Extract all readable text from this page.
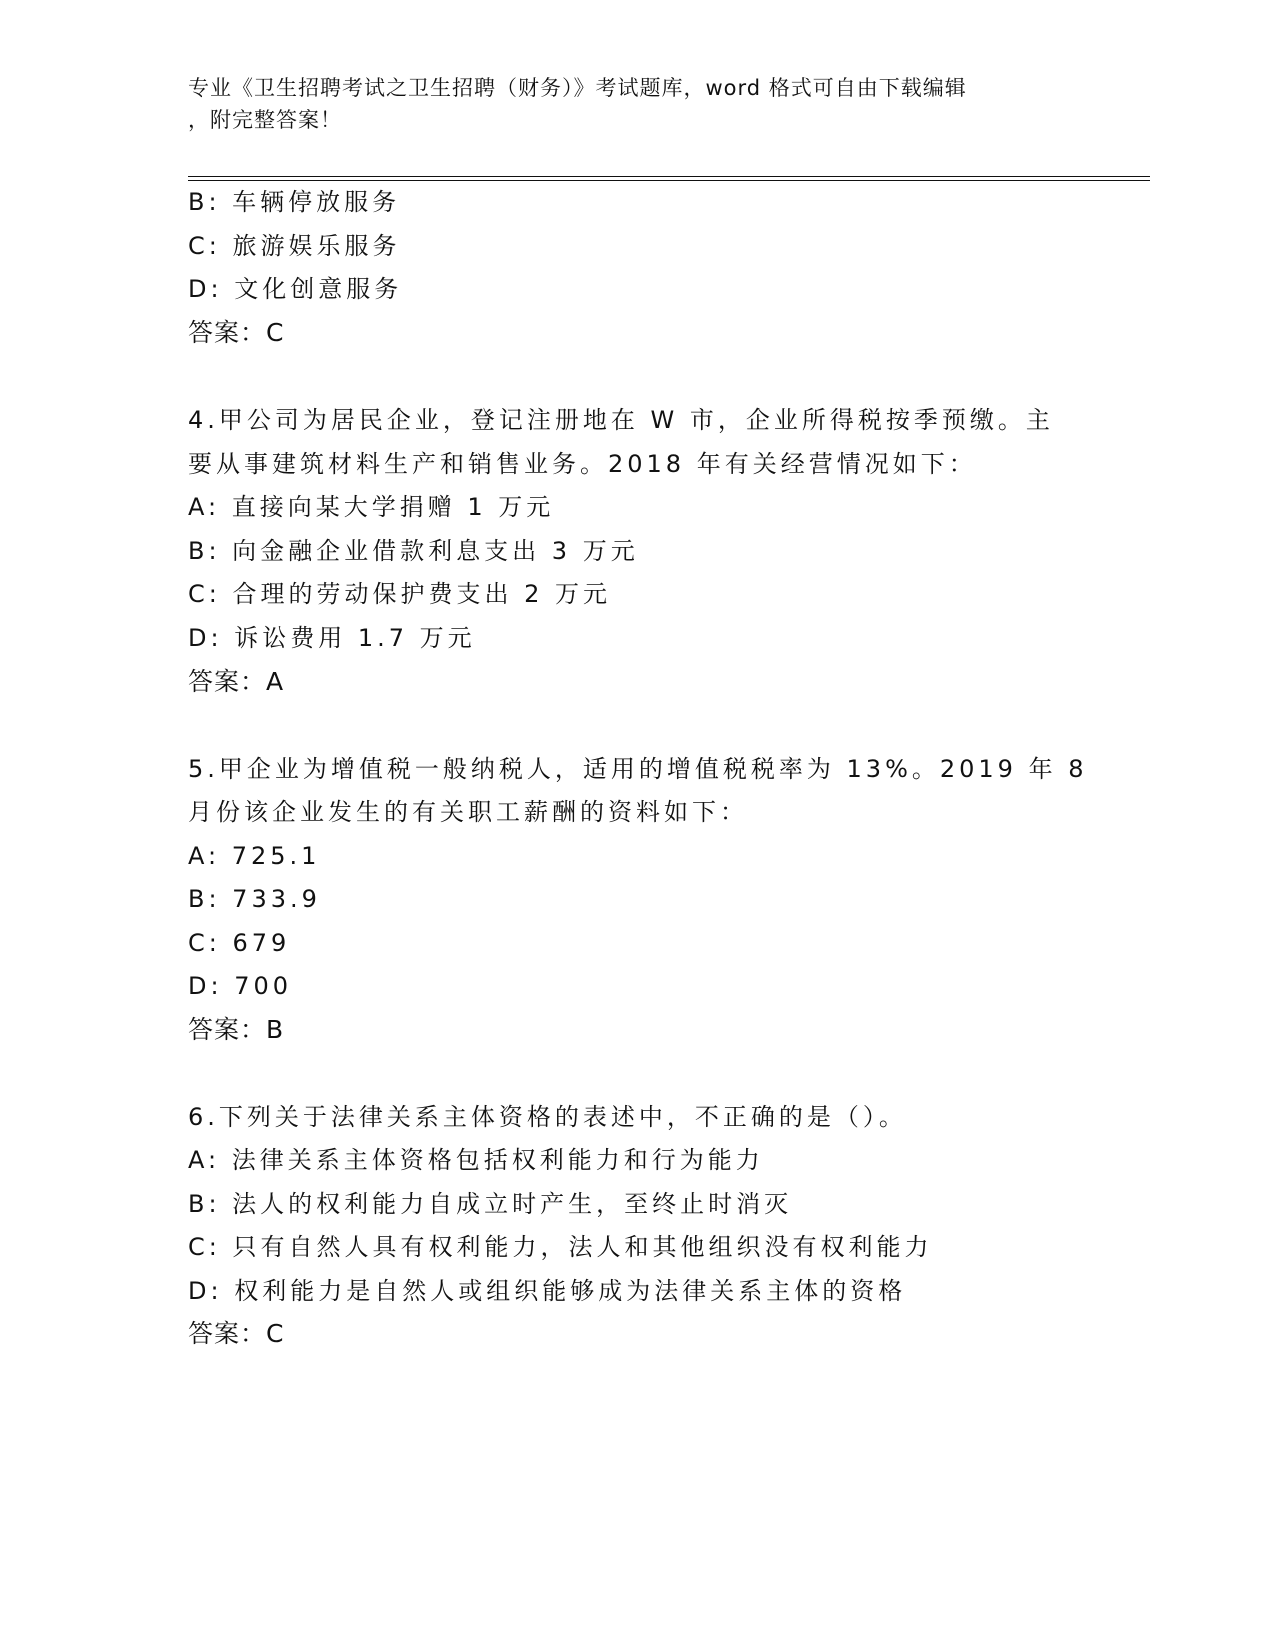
专业《卫生招聘考试之卫生招聘（财务）》考试题库，word 格式可自由下载编辑
，附完整答案！
B: 车辆停放服务
C: 旅游娱乐服务
D: 文化创意服务
答案：C
4.甲公司为居民企业，登记注册地在 W 市，企业所得税按季预缴。主
要从事建筑材料生产和销售业务。2018 年有关经营情况如下：
A: 直接向某大学捐赠 1 万元
B: 向金融企业借款利息支出 3 万元
C: 合理的劳动保护费支出 2 万元
D: 诉讼费用 1.7 万元
答案：A
5.甲企业为增值税一般纳税人，适用的增值税税率为 13%。2019 年 8
月份该企业发生的有关职工薪酬的资料如下：
A: 725.1
B: 733.9
C: 679
D: 700
答案：B
6.下列关于法律关系主体资格的表述中，不正确的是（）。
A: 法律关系主体资格包括权利能力和行为能力
B: 法人的权利能力自成立时产生，至终止时消灭
C: 只有自然人具有权利能力，法人和其他组织没有权利能力
D: 权利能力是自然人或组织能够成为法律关系主体的资格
答案：C
